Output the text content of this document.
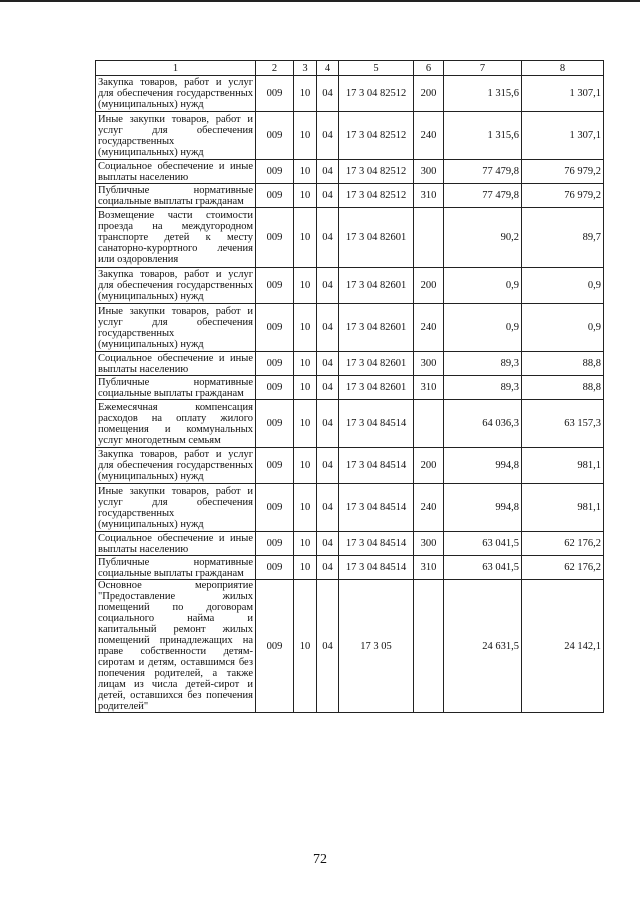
1	2	3	4	5	6	7	8
Закупка товаров, работ и услуг для обеспечения государственных (муниципальных) нужд	009	10	04	17 3 04 82512	200	1 315,6	1 307,1
Иные закупки товаров, работ и услуг для обеспечения государственных (муниципальных) нужд	009	10	04	17 3 04 82512	240	1 315,6	1 307,1
Социальное обеспечение и иные выплаты населению	009	10	04	17 3 04 82512	300	77 479,8	76 979,2
Публичные нормативные социальные выплаты гражданам	009	10	04	17 3 04 82512	310	77 479,8	76 979,2
Возмещение части стоимости проезда на междугородном транспорте детей к месту санаторно-курортного лечения или оздоровления	009	10	04	17 3 04 82601		90,2	89,7
Закупка товаров, работ и услуг для обеспечения государственных (муниципальных) нужд	009	10	04	17 3 04 82601	200	0,9	0,9
Иные закупки товаров, работ и услуг для обеспечения государственных (муниципальных) нужд	009	10	04	17 3 04 82601	240	0,9	0,9
Социальное обеспечение и иные выплаты населению	009	10	04	17 3 04 82601	300	89,3	88,8
Публичные нормативные социальные выплаты гражданам	009	10	04	17 3 04 82601	310	89,3	88,8
Ежемесячная компенсация расходов на оплату жилого помещения и коммунальных услуг многодетным семьям	009	10	04	17 3 04 84514		64 036,3	63 157,3
Закупка товаров, работ и услуг для обеспечения государственных (муниципальных) нужд	009	10	04	17 3 04 84514	200	994,8	981,1
Иные закупки товаров, работ и услуг для обеспечения государственных (муниципальных) нужд	009	10	04	17 3 04 84514	240	994,8	981,1
Социальное обеспечение и иные выплаты населению	009	10	04	17 3 04 84514	300	63 041,5	62 176,2
Публичные нормативные социальные выплаты гражданам	009	10	04	17 3 04 84514	310	63 041,5	62 176,2
Основное мероприятие "Предоставление жилых помещений по договорам социального найма и капитальный ремонт жилых помещений принадлежащих на праве собственности детям-сиротам и детям, оставшимся без попечения родителей, а также лицам из числа детей-сирот и детей, оставшихся без попечения родителей"	009	10	04	17 3 05		24 631,5	24 142,1
72
